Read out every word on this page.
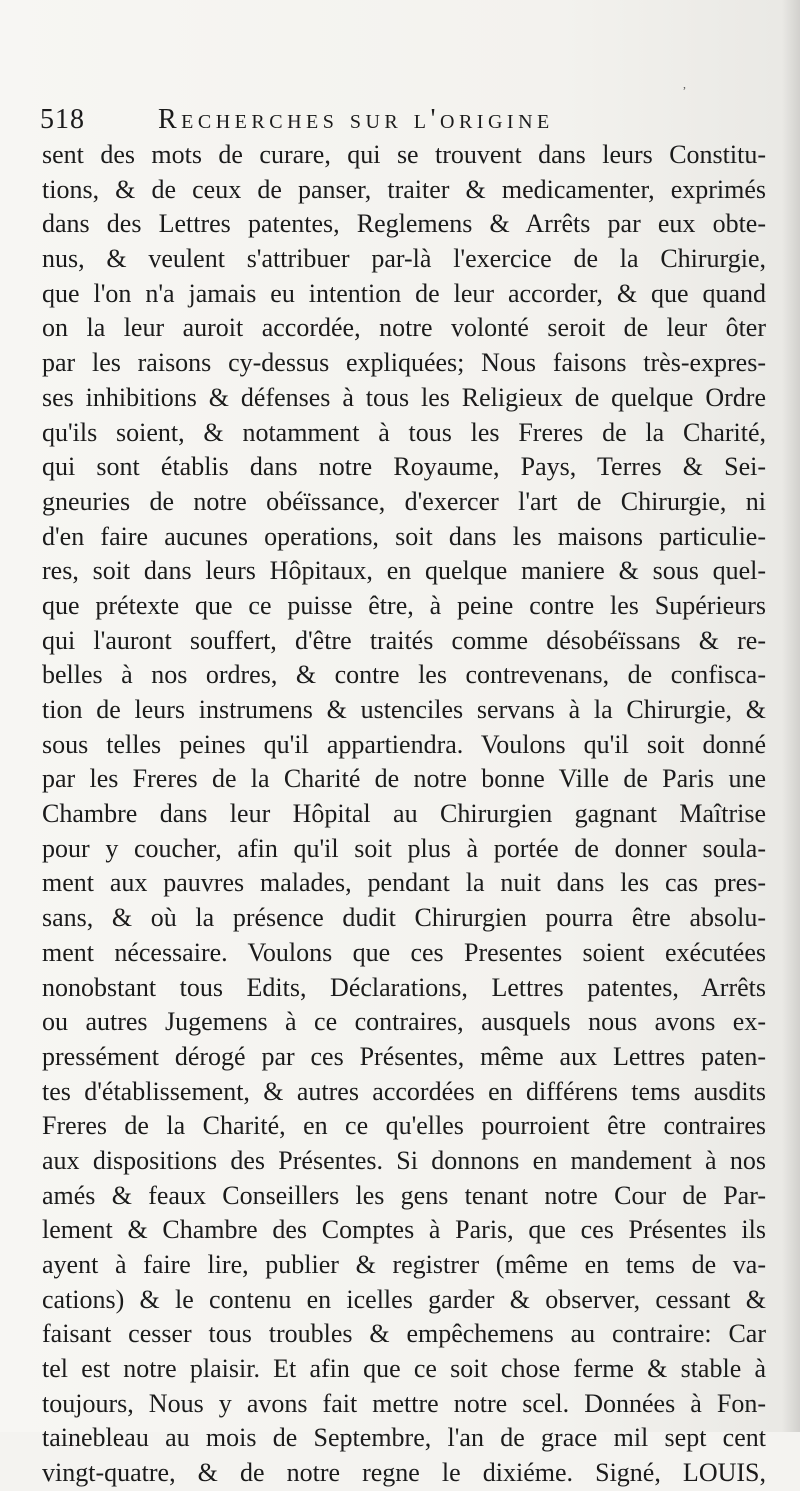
,
518	Recherches sur l'origine
sent des mots de curare, qui se trouvent dans leurs Constitu-
tions, & de ceux de panser, traiter & medicamenter, exprimés
dans des Lettres patentes, Reglemens & Arrêts par eux obte-
nus, & veulent s'attribuer par-là l'exercice de la Chirurgie,
que l'on n'a jamais eu intention de leur accorder, & que quand
on la leur auroit accordée, notre volonté seroit de leur ôter
par les raisons cy-dessus expliquées; Nous faisons très-expres-
ses inhibitions & défenses à tous les Religieux de quelque Ordre
qu'ils soient, & notamment à tous les Freres de la Charité,
qui sont établis dans notre Royaume, Pays, Terres & Sei-
gneuries de notre obéïssance, d'exercer l'art de Chirurgie, ni
d'en faire aucunes operations, soit dans les maisons particulie-
res, soit dans leurs Hôpitaux, en quelque maniere & sous quel-
que prétexte que ce puisse être, à peine contre les Supérieurs
qui l'auront souffert, d'être traités comme désobéïssans & re-
belles à nos ordres, & contre les contrevenans, de confisca-
tion de leurs instrumens & ustenciles servans à la Chirurgie, &
sous telles peines qu'il appartiendra. Voulons qu'il soit donné
par les Freres de la Charité de notre bonne Ville de Paris une
Chambre dans leur Hôpital au Chirurgien gagnant Maîtrise
pour y coucher, afin qu'il soit plus à portée de donner soula-
ment aux pauvres malades, pendant la nuit dans les cas pres-
sans, & où la présence dudit Chirurgien pourra être absolu-
ment nécessaire. Voulons que ces Presentes soient exécutées
nonobstant tous Edits, Déclarations, Lettres patentes, Arrêts
ou autres Jugemens à ce contraires, ausquels nous avons ex-
pressément dérogé par ces Présentes, même aux Lettres paten-
tes d'établissement, & autres accordées en différens tems ausdits
Freres de la Charité, en ce qu'elles pourroient être contraires
aux dispositions des Présentes. Si donnons en mandement à nos
amés & feaux Conseillers les gens tenant notre Cour de Par-
lement & Chambre des Comptes à Paris, que ces Présentes ils
ayent à faire lire, publier & registrer (même en tems de va-
cations) & le contenu en icelles garder & observer, cessant &
faisant cesser tous troubles & empêchemens au contraire: Car
tel est notre plaisir. Et afin que ce soit chose ferme & stable à
toujours, Nous y avons fait mettre notre scel. Données à Fon-
tainebleau au mois de Septembre, l'an de grace mil sept cent
vingt-quatre, & de notre regne le dixiéme. Signé, LOUIS,
